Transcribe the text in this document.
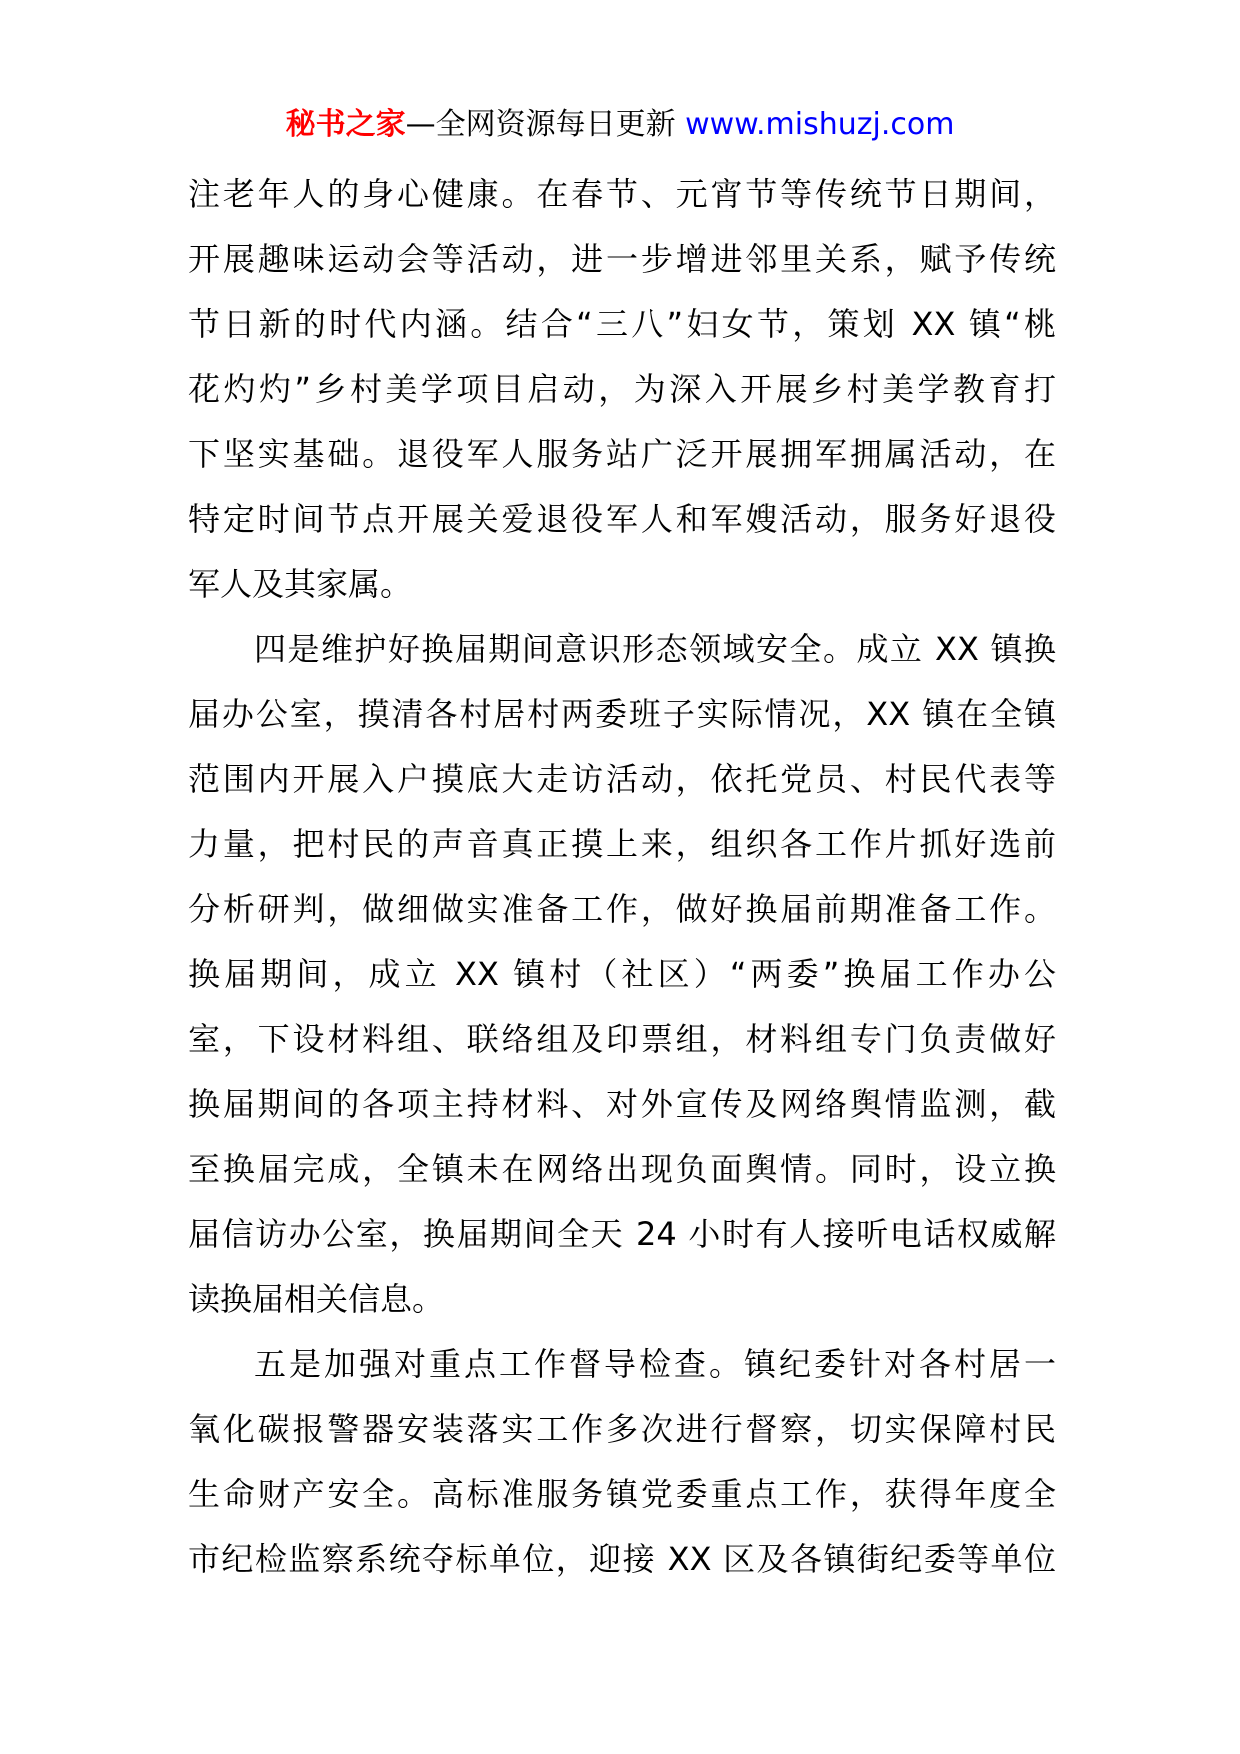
秘书之家—全网资源每日更新 www.mishuzj.com
注老年人的身心健康。在春节、元宵节等传统节日期间，
开展趣味运动会等活动，进一步增进邻里关系，赋予传统
节日新的时代内涵。结合“三八”妇女节，策划 XX 镇“桃
花灼灼”乡村美学项目启动，为深入开展乡村美学教育打
下坚实基础。退役军人服务站广泛开展拥军拥属活动，在
特定时间节点开展关爱退役军人和军嫂活动，服务好退役
军人及其家属。
四是维护好换届期间意识形态领域安全。成立 XX 镇换
届办公室，摸清各村居村两委班子实际情况，XX 镇在全镇
范围内开展入户摸底大走访活动，依托党员、村民代表等
力量，把村民的声音真正摸上来，组织各工作片抓好选前
分析研判，做细做实准备工作，做好换届前期准备工作。
换届期间，成立 XX 镇村（社区）“两委”换届工作办公
室，下设材料组、联络组及印票组，材料组专门负责做好
换届期间的各项主持材料、对外宣传及网络舆情监测，截
至换届完成，全镇未在网络出现负面舆情。同时，设立换
届信访办公室，换届期间全天 24 小时有人接听电话权威解
读换届相关信息。
五是加强对重点工作督导检查。镇纪委针对各村居一
氧化碳报警器安装落实工作多次进行督察，切实保障村民
生命财产安全。高标准服务镇党委重点工作，获得年度全
市纪检监察系统夺标单位，迎接 XX 区及各镇街纪委等单位
